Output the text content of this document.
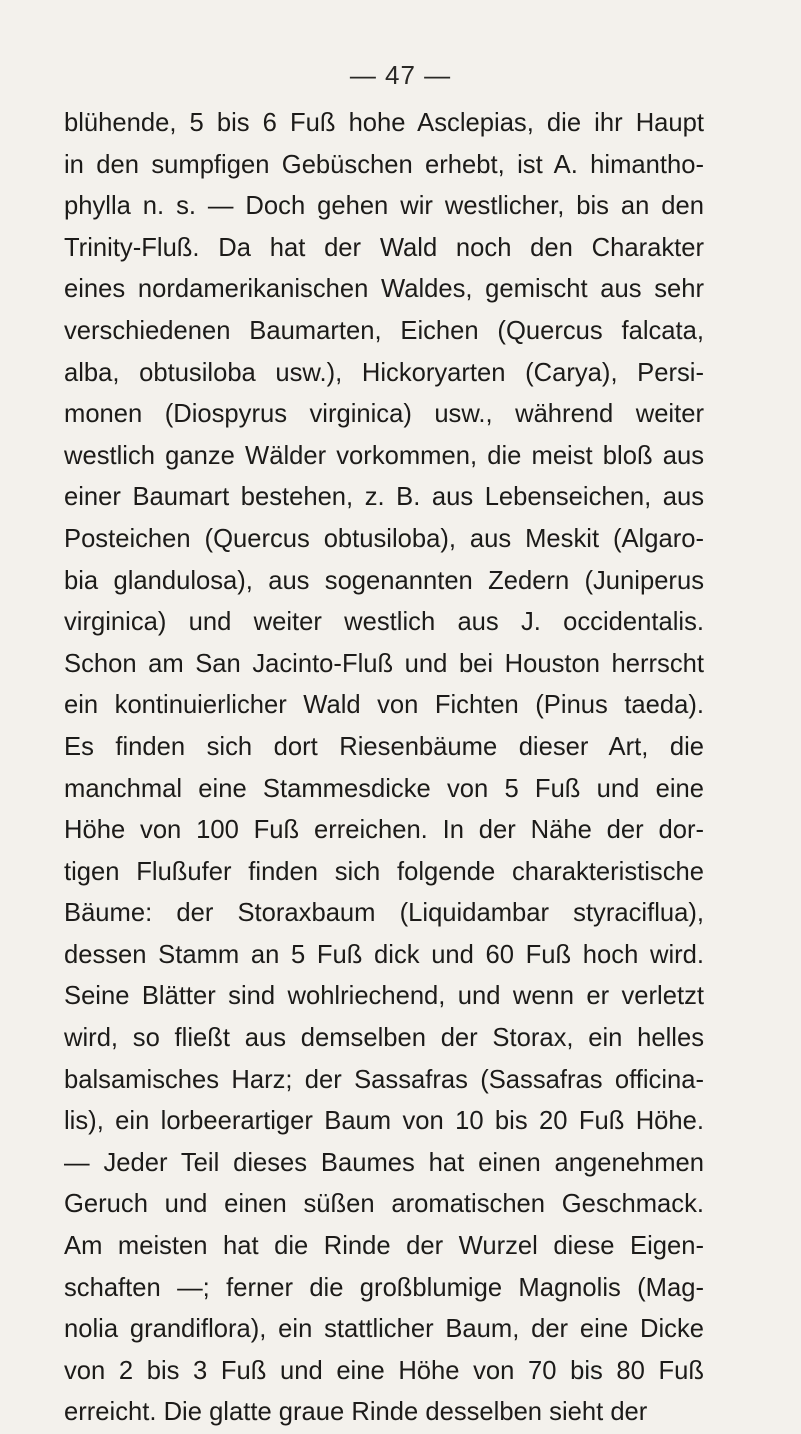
— 47 —
blühende, 5 bis 6 Fuß hohe Asclepias, die ihr Haupt
in den sumpfigen Gebüschen erhebt, ist A. himantho-
phylla n. s. — Doch gehen wir westlicher, bis an den
Trinity-Fluß. Da hat der Wald noch den Charakter
eines nordamerikanischen Waldes, gemischt aus sehr
verschiedenen Baumarten, Eichen (Quercus falcata,
alba, obtusiloba usw.), Hickoryarten (Carya), Persi-
monen (Diospyrus virginica) usw., während weiter
westlich ganze Wälder vorkommen, die meist bloß aus
einer Baumart bestehen, z. B. aus Lebenseichen, aus
Posteichen (Quercus obtusiloba), aus Meskit (Algaro-
bia glandulosa), aus sogenannten Zedern (Juniperus
virginica) und weiter westlich aus J. occidentalis.
Schon am San Jacinto-Fluß und bei Houston herrscht
ein kontinuierlicher Wald von Fichten (Pinus taeda).
Es finden sich dort Riesenbäume dieser Art, die
manchmal eine Stammesdicke von 5 Fuß und eine
Höhe von 100 Fuß erreichen. In der Nähe der dor-
tigen Flußufer finden sich folgende charakteristische
Bäume: der Storaxbaum (Liquidambar styraciflua),
dessen Stamm an 5 Fuß dick und 60 Fuß hoch wird.
Seine Blätter sind wohlriechend, und wenn er verletzt
wird, so fließt aus demselben der Storax, ein helles
balsamisches Harz; der Sassafras (Sassafras officina-
lis), ein lorbeerartiger Baum von 10 bis 20 Fuß Höhe.
— Jeder Teil dieses Baumes hat einen angenehmen
Geruch und einen süßen aromatischen Geschmack.
Am meisten hat die Rinde der Wurzel diese Eigen-
schaften —; ferner die großblumige Magnolis (Mag-
nolia grandiflora), ein stattlicher Baum, der eine Dicke
von 2 bis 3 Fuß und eine Höhe von 70 bis 80 Fuß
erreicht. Die glatte graue Rinde desselben sieht der
